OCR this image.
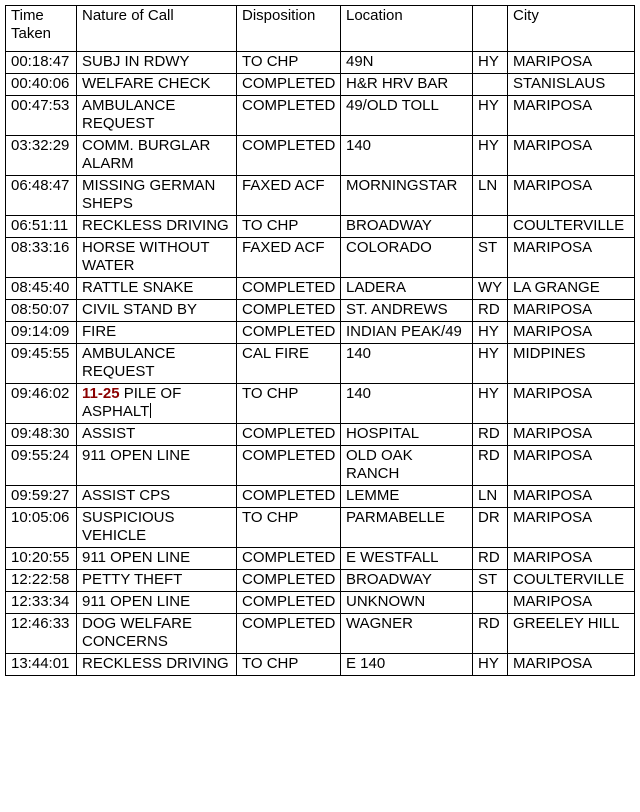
Time Taken	Nature of Call	Disposition	Location		City
00:18:47	SUBJ IN RDWY	TO CHP	49N	HY	MARIPOSA
00:40:06	WELFARE CHECK	COMPLETED	H&R HRV BAR		STANISLAUS
00:47:53	AMBULANCE REQUEST	COMPLETED	49/OLD TOLL	HY	MARIPOSA
03:32:29	COMM. BURGLAR ALARM	COMPLETED	140	HY	MARIPOSA
06:48:47	MISSING GERMAN SHEPS	FAXED ACF	MORNINGSTAR	LN	MARIPOSA
06:51:11	RECKLESS DRIVING	TO CHP	BROADWAY		COULTERVILLE
08:33:16	HORSE WITHOUT WATER	FAXED ACF	COLORADO	ST	MARIPOSA
08:45:40	RATTLE SNAKE	COMPLETED	LADERA	WY	LA GRANGE
08:50:07	CIVIL STAND BY	COMPLETED	ST. ANDREWS	RD	MARIPOSA
09:14:09	FIRE	COMPLETED	INDIAN PEAK/49	HY	MARIPOSA
09:45:55	AMBULANCE REQUEST	CAL FIRE	140	HY	MIDPINES
09:46:02	11-25 PILE OF ASPHALT	TO CHP	140	HY	MARIPOSA
09:48:30	ASSIST	COMPLETED	HOSPITAL	RD	MARIPOSA
09:55:24	911 OPEN LINE	COMPLETED	OLD OAK RANCH	RD	MARIPOSA
09:59:27	ASSIST CPS	COMPLETED	LEMME	LN	MARIPOSA
10:05:06	SUSPICIOUS VEHICLE	TO CHP	PARMABELLE	DR	MARIPOSA
10:20:55	911 OPEN LINE	COMPLETED	E WESTFALL	RD	MARIPOSA
12:22:58	PETTY THEFT	COMPLETED	BROADWAY	ST	COULTERVILLE
12:33:34	911 OPEN LINE	COMPLETED	UNKNOWN		MARIPOSA
12:46:33	DOG WELFARE CONCERNS	COMPLETED	WAGNER	RD	GREELEY HILL
13:44:01	RECKLESS DRIVING	TO CHP	E 140	HY	MARIPOSA
